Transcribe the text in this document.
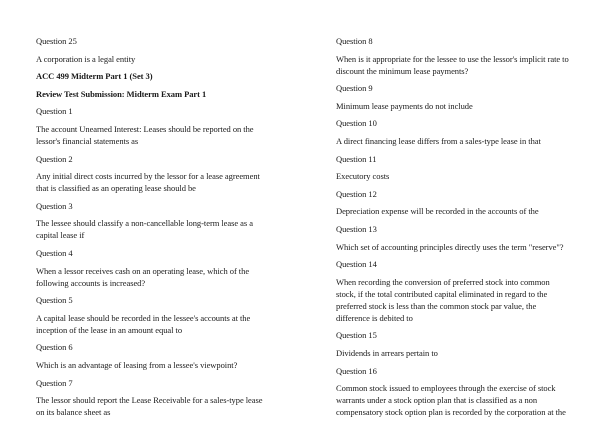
Question 25

A corporation is a legal entity

ACC 499 Midterm Part 1 (Set 3)

Review Test Submission: Midterm Exam Part 1

Question 1

The account Unearned Interest: Leases should be reported on the lessor's financial statements as

Question 2

Any initial direct costs incurred by the lessor for a lease agreement that is classified as an operating lease should be

Question 3

The lessee should classify a non-cancellable long-term lease as a capital lease if

Question 4

When a lessor receives cash on an operating lease, which of the following accounts is increased?

Question 5

A capital lease should be recorded in the lessee's accounts at the inception of the lease in an amount equal to

Question 6

Which is an advantage of leasing from a lessee's viewpoint?

Question 7

The lessor should report the Lease Receivable for a sales-type lease on its balance sheet as

Question 8

When is it appropriate for the lessee to use the lessor's implicit rate to discount the minimum lease payments?

Question 9

Minimum lease payments do not include

Question 10

A direct financing lease differs from a sales-type lease in that

Question 11

Executory costs

Question 12

Depreciation expense will be recorded in the accounts of the

Question 13

Which set of accounting principles directly uses the term "reserve"?

Question 14

When recording the conversion of preferred stock into common stock, if the total contributed capital eliminated in regard to the preferred stock is less than the common stock par value, the difference is debited to

Question 15

Dividends in arrears pertain to

Question 16

Common stock issued to employees through the exercise of stock warrants under a stock option plan that is classified as a non compensatory stock option plan is recorded by the corporation at the
